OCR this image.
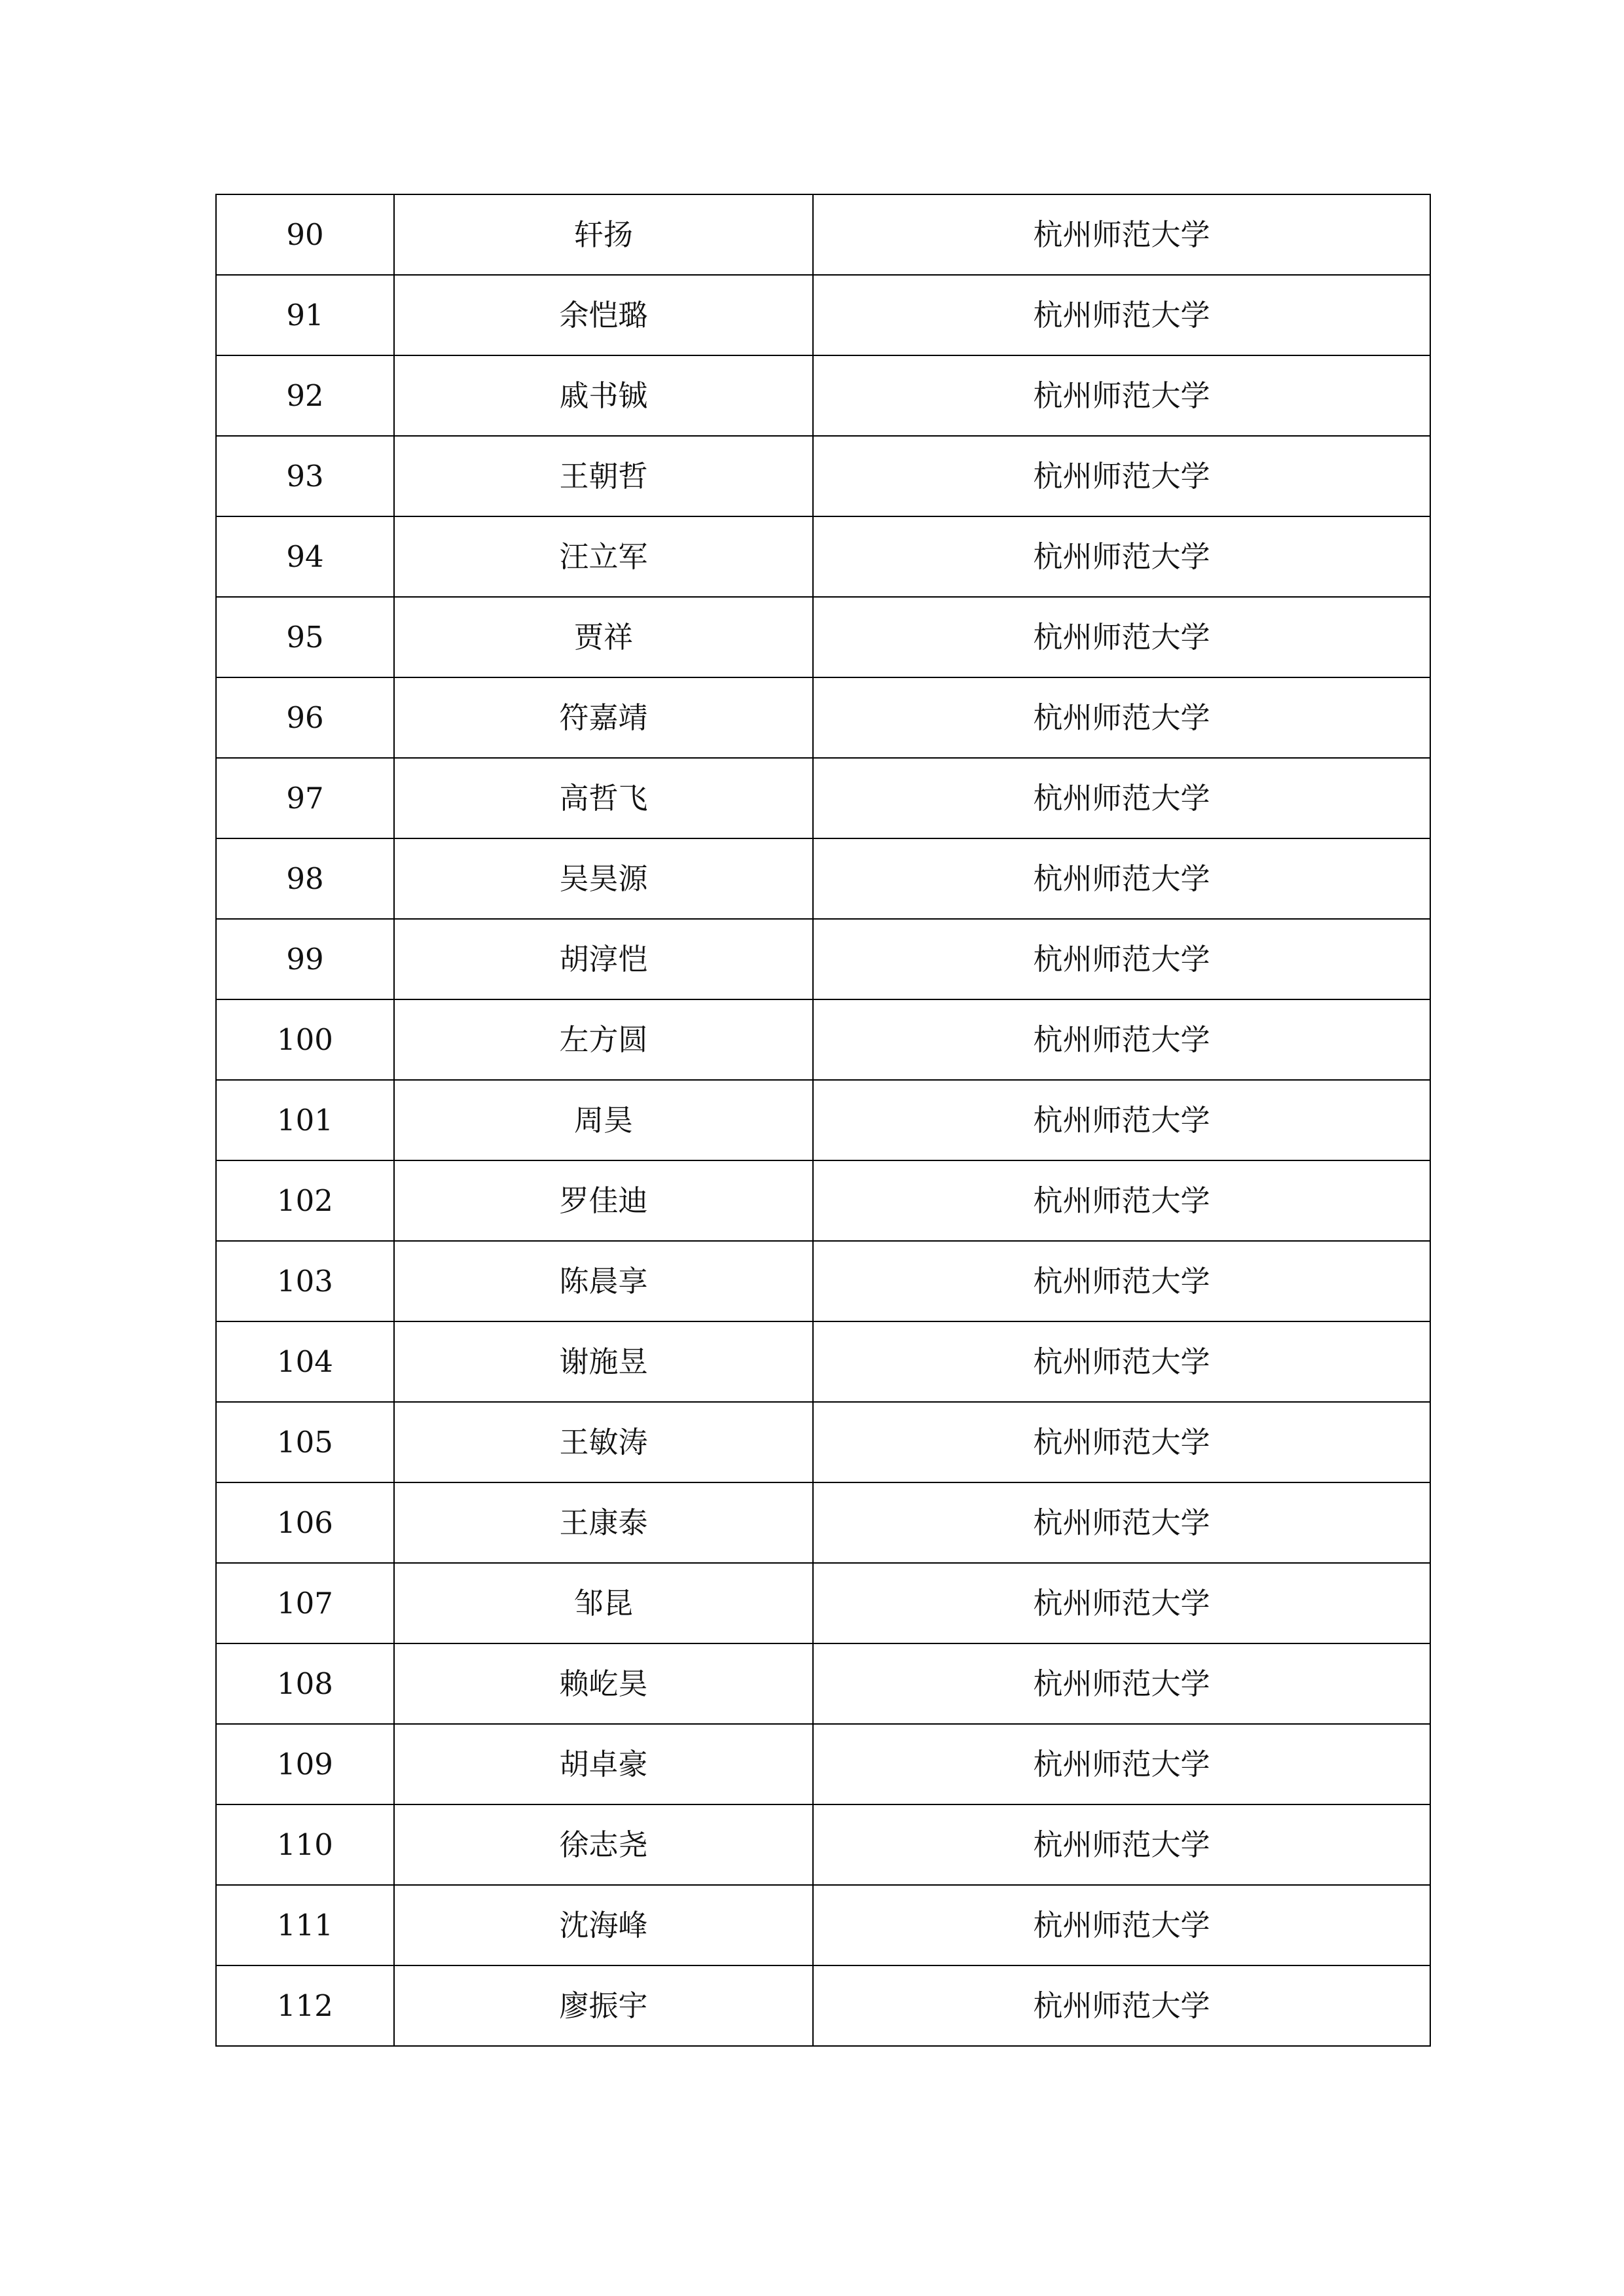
90	轩扬	杭州师范大学
91	余恺璐	杭州师范大学
92	戚书铖	杭州师范大学
93	王朝哲	杭州师范大学
94	汪立军	杭州师范大学
95	贾祥	杭州师范大学
96	符嘉靖	杭州师范大学
97	高哲飞	杭州师范大学
98	吴昊源	杭州师范大学
99	胡淳恺	杭州师范大学
100	左方圆	杭州师范大学
101	周昊	杭州师范大学
102	罗佳迪	杭州师范大学
103	陈晨享	杭州师范大学
104	谢施昱	杭州师范大学
105	王敏涛	杭州师范大学
106	王康泰	杭州师范大学
107	邹昆	杭州师范大学
108	赖屹昊	杭州师范大学
109	胡卓豪	杭州师范大学
110	徐志尧	杭州师范大学
111	沈海峰	杭州师范大学
112	廖振宇	杭州师范大学
